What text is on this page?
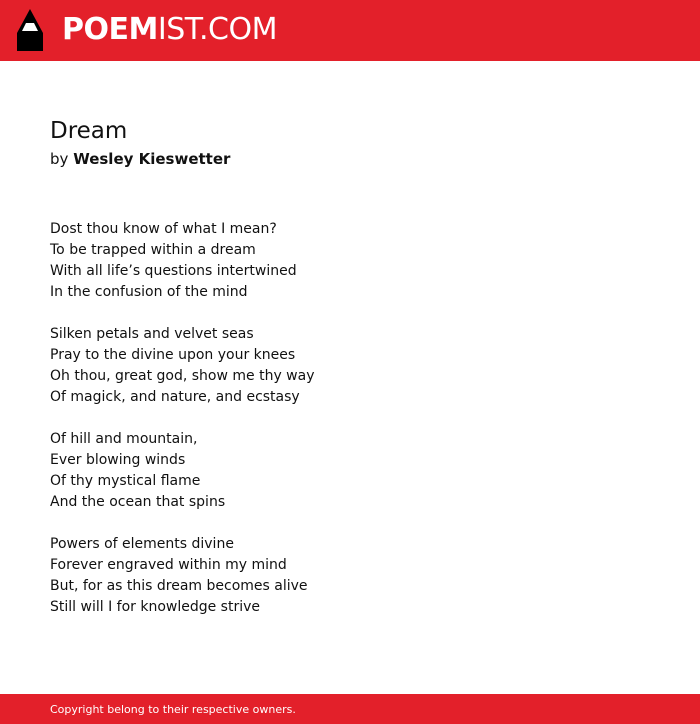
POEMIST.COM
Dream
by Wesley Kieswetter
Dost thou know of what I mean?
To be trapped within a dream
With all life’s questions intertwined
In the confusion of the mind
Silken petals and velvet seas
Pray to the divine upon your knees
Oh thou, great god, show me thy way
Of magick, and nature, and ecstasy
Of hill and mountain,
Ever blowing winds
Of thy mystical flame
And the ocean that spins
Powers of elements divine
Forever engraved within my mind
But, for as this dream becomes alive
Still will I for knowledge strive
Copyright belong to their respective owners.
